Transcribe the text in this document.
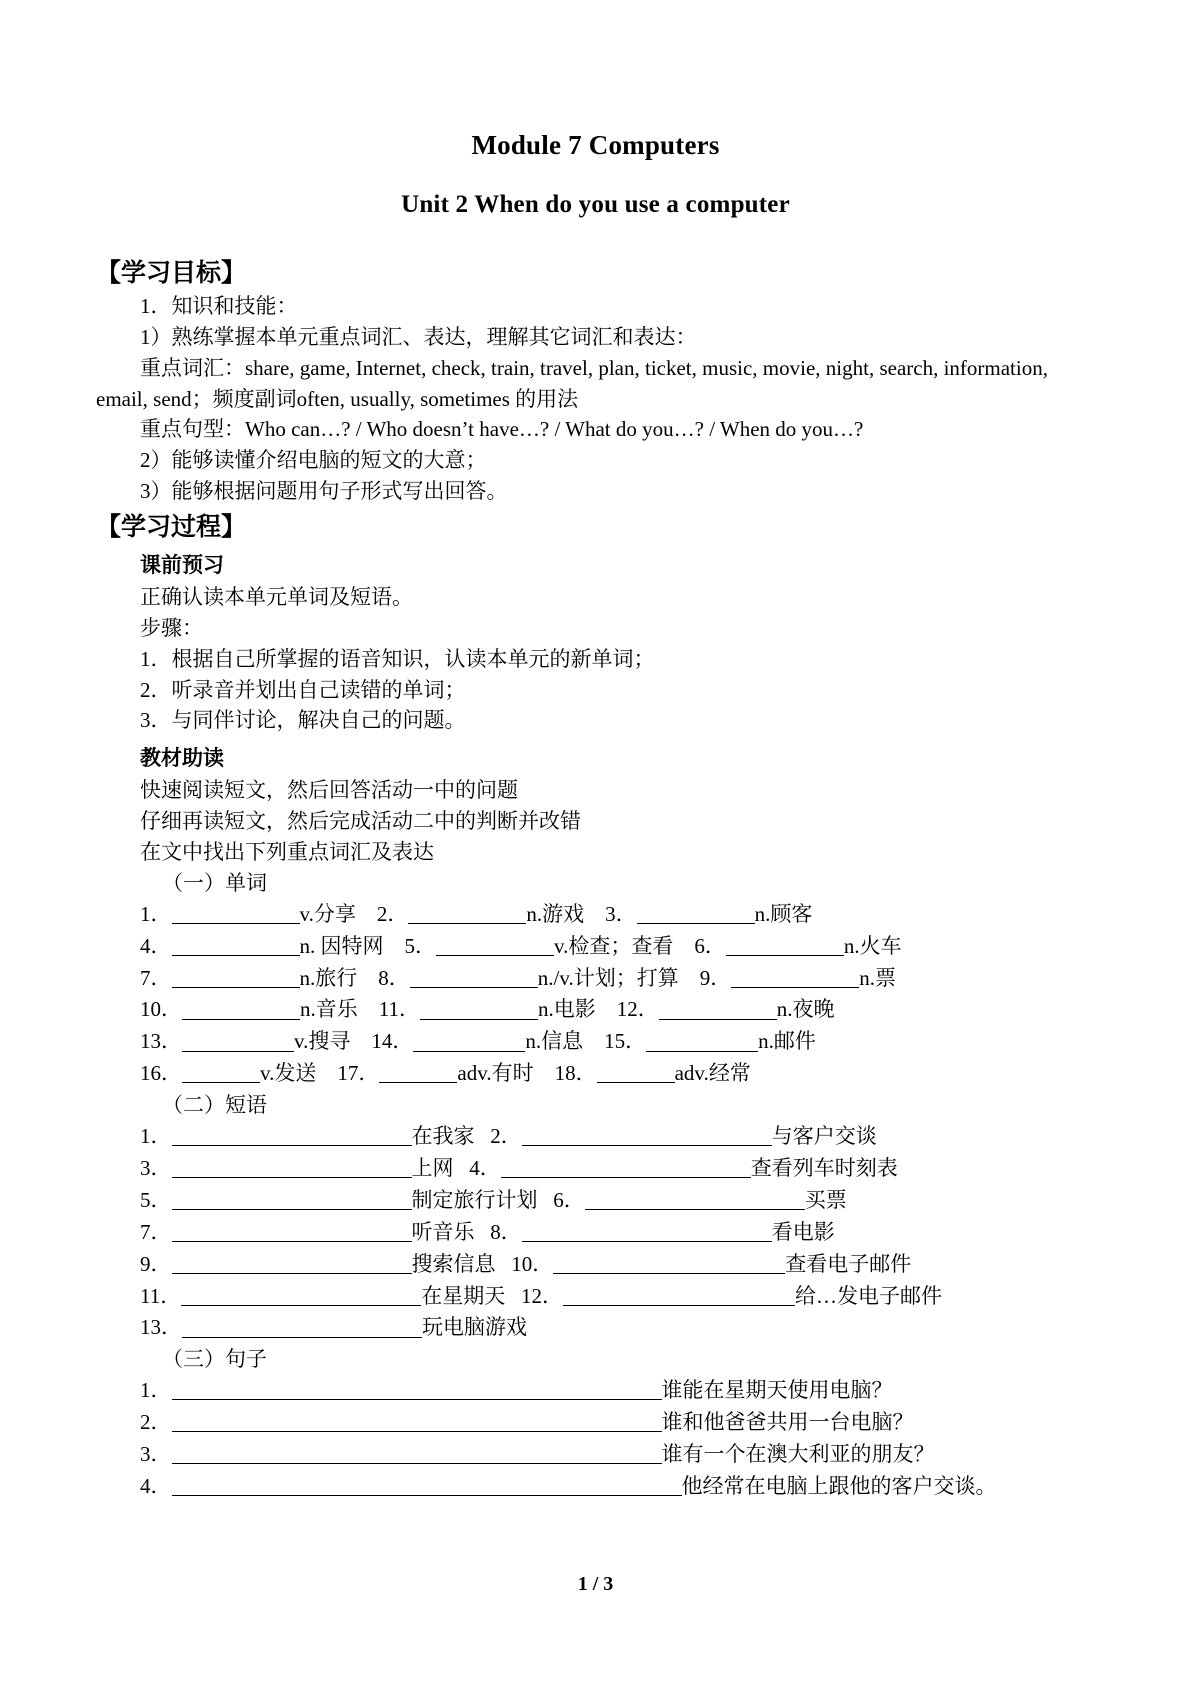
Module 7 Computers
Unit 2 When do you use a computer
【学习目标】
1．知识和技能：
1）熟练掌握本单元重点词汇、表达，理解其它词汇和表达：
重点词汇：share, game, Internet, check, train, travel, plan, ticket, music, movie, night, search, information, email, send；频度副词often, usually, sometimes 的用法
重点句型：Who can…? / Who doesn’t have…? / What do you…? / When do you…?
2）能够读懂介绍电脑的短文的大意；
3）能够根据问题用句子形式写出回答。
【学习过程】
课前预习
正确认读本单元单词及短语。
步骤：
1．根据自己所掌握的语音知识，认读本单元的新单词；
2．听录音并划出自己读错的单词；
3．与同伴讨论，解决自己的问题。
教材助读
快速阅读短文，然后回答活动一中的问题
仔细再读短文，然后完成活动二中的判断并改错
在文中找出下列重点词汇及表达
（一）单词
1．	v.分享 2．	n.游戏 3．	n.顾客
4．	n. 因特网 5．	v.检查；查看 6．	n.火车
7．	n.旅行 8．	n./v.计划；打算 9．	n.票
10．	n.音乐 11．	n.电影 12．	n.夜晚
13．	v.搜寻 14．	n.信息 15．	n.邮件
16．	v.发送 17．	adv.有时 18．	adv.经常
（二）短语
1．	在我家 2．	与客户交谈
3．	上网 4．	查看列车时刻表
5．	制定旅行计划 6．	买票
7．	听音乐 8．	看电影
9．	搜索信息 10．	查看电子邮件
11．	在星期天 12．	给…发电子邮件
13．	玩电脑游戏
（三）句子
1．	谁能在星期天使用电脑？
2．	谁和他爸爸共用一台电脑？
3．	谁有一个在澳大利亚的朋友？
4．	他经常在电脑上跟他的客户交谈。
1 / 3
